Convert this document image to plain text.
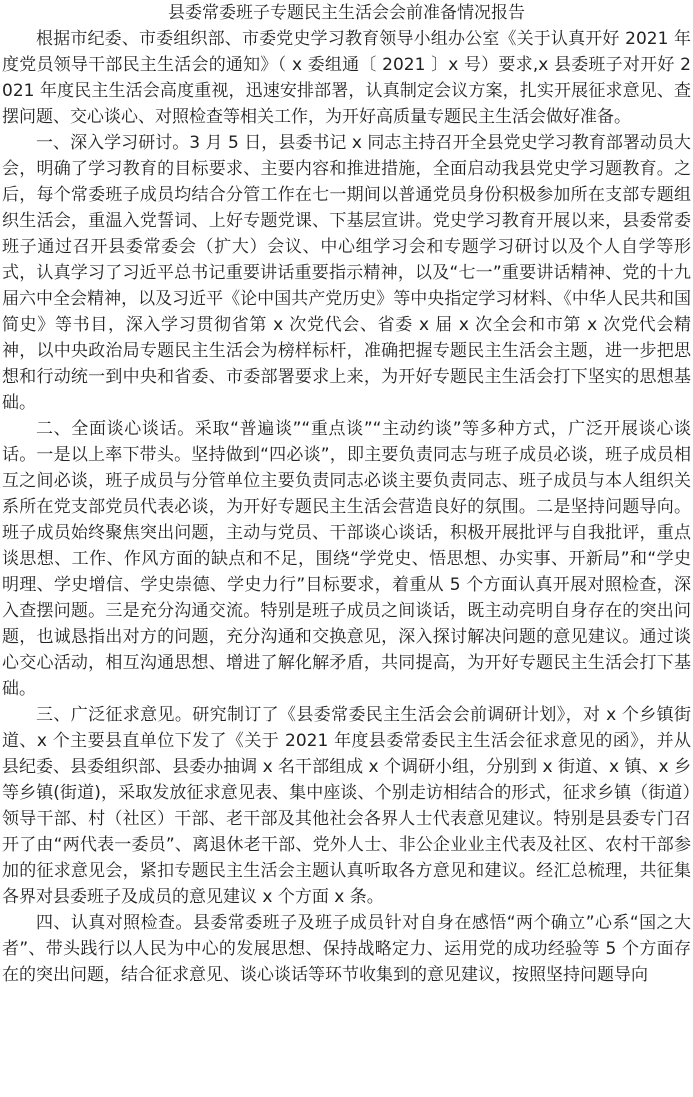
县委常委班子专题民主生活会会前准备情况报告

根据市纪委、市委组织部、市委党史学习教育领导小组办公室《关于认真开好 2021 年度党员领导干部民主生活会的通知》（ x 委组通〔 2021 〕x 号）要求,x 县委班子对开好 2021 年度民主生活会高度重视，迅速安排部署，认真制定会议方案，扎实开展征求意见、查摆问题、交心谈心、对照检查等相关工作，为开好高质量专题民主生活会做好准备。

一、深入学习研讨。3 月 5 日，县委书记 x 同志主持召开全县党史学习教育部署动员大会，明确了学习教育的目标要求、主要内容和推进措施，全面启动我县党史学习题教育。之后，每个常委班子成员均结合分管工作在七一期间以普通党员身份积极参加所在支部专题组织生活会，重温入党誓词、上好专题党课、下基层宣讲。党史学习教育开展以来，县委常委班子通过召开县委常委会（扩大）会议、中心组学习会和专题学习研讨以及个人自学等形式，认真学习了习近平总书记重要讲话重要指示精神，以及“七一”重要讲话精神、党的十九届六中全会精神，以及习近平《论中国共产党历史》等中央指定学习材料、《中华人民共和国简史》等书目，深入学习贯彻省第 x 次党代会、省委 x 届 x 次全会和市第 x 次党代会精神，以中央政治局专题民主生活会为榜样标杆，准确把握专题民主生活会主题，进一步把思想和行动统一到中央和省委、市委部署要求上来，为开好专题民主生活会打下坚实的思想基础。

二、全面谈心谈话。采取“普遍谈”“重点谈”“主动约谈”等多种方式，广泛开展谈心谈话。一是以上率下带头。坚持做到“四必谈”，即主要负责同志与班子成员必谈，班子成员相互之间必谈，班子成员与分管单位主要负责同志必谈主要负责同志、班子成员与本人组织关系所在党支部党员代表必谈，为开好专题民主生活会营造良好的氛围。二是坚持问题导向。班子成员始终聚焦突出问题，主动与党员、干部谈心谈话，积极开展批评与自我批评，重点谈思想、工作、作风方面的缺点和不足，围绕“学党史、悟思想、办实事、开新局”和“学史明理、学史增信、学史崇德、学史力行”目标要求，着重从 5 个方面认真开展对照检查，深入查摆问题。三是充分沟通交流。特别是班子成员之间谈话，既主动亮明自身存在的突出问题，也诚恳指出对方的问题，充分沟通和交换意见，深入探讨解决问题的意见建议。通过谈心交心活动，相互沟通思想、增进了解化解矛盾，共同提高，为开好专题民主生活会打下基础。

三、广泛征求意见。研究制订了《县委常委民主生活会会前调研计划》，对 x 个乡镇街道、x 个主要县直单位下发了《关于 2021 年度县委常委民主生活会征求意见的函》，并从县纪委、县委组织部、县委办抽调 x 名干部组成 x 个调研小组，分别到 x 街道、x 镇、x 乡等乡镇(街道)，采取发放征求意见表、集中座谈、个别走访相结合的形式，征求乡镇（街道）领导干部、村（社区）干部、老干部及其他社会各界人士代表意见建议。特别是县委专门召开了由“两代表一委员”、离退休老干部、党外人士、非公企业业主代表及社区、农村干部参加的征求意见会，紧扣专题民主生活会主题认真听取各方意见和建议。经汇总梳理，共征集各界对县委班子及成员的意见建议 x 个方面 x 条。

四、认真对照检查。县委常委班子及班子成员针对自身在感悟“两个确立”心系“国之大者”、带头践行以人民为中心的发展思想、保持战略定力、运用党的成功经验等 5 个方面存在的突出问题，结合征求意见、谈心谈话等环节收集到的意见建议，按照坚持问题导向
